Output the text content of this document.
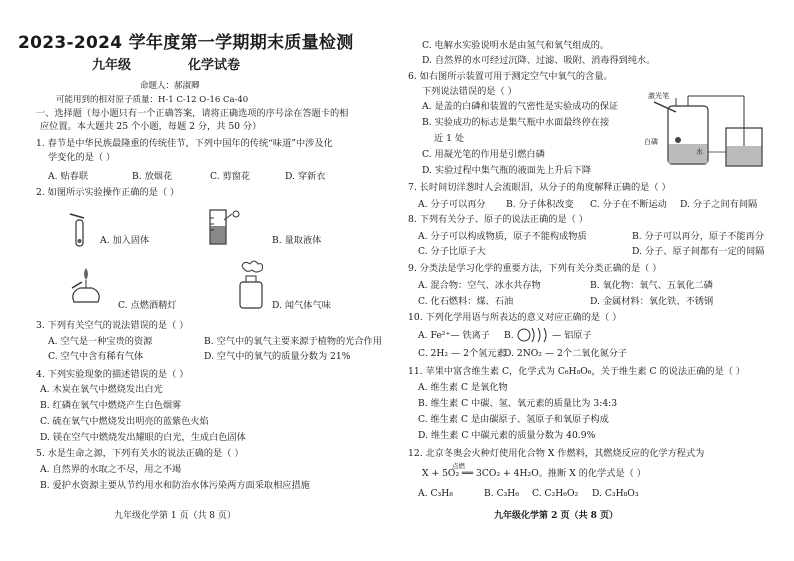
2023-2024 学年度第一学期期末质量检测
九年级	化学试卷
命题人：郝淑卿
可能用到的相对原子质量：H-1 C-12 O-16 Ca-40
一、选择题（每小题只有一个正确答案，请将正确选项的序号涂在答题卡的相
应位置。本大题共 25 个小题，每题 2 分，共 50 分）
1. 春节是中华民族最隆重的传统佳节，下列中国年的传统“味道”中涉及化
学变化的是（ ）
A. 贴春联	B. 放烟花	C. 剪窗花	D. 穿新衣
2. 如图所示实验操作正确的是（ ）
A. 加入固体	B. 量取液体
C. 点燃酒精灯	D. 闻气体气味
3. 下列有关空气的说法错误的是（ ）
A. 空气是一种宝贵的资源	B. 空气中的氧气主要来源于植物的光合作用
C. 空气中含有稀有气体	D. 空气中的氧气的质量分数为 21%
4. 下列实验现象的描述错误的是（ ）
A. 木炭在氧气中燃烧发出白光
B. 红磷在氧气中燃烧产生白色烟雾
C. 硫在氧气中燃烧发出明亮的蓝紫色火焰
D. 镁在空气中燃烧发出耀眼的白光，生成白色固体
5. 水是生命之源，下列有关水的说法正确的是（ ）
A. 自然界的水取之不尽，用之不竭
B. 爱护水资源主要从节约用水和防治水体污染两方面采取相应措施
九年级化学第 1 页（共 8 页）
C. 电解水实验说明水是由氢气和氧气组成的。
D. 自然界的水可经过沉降、过滤、吸附、消毒得到纯水。
6. 如右图所示装置可用于测定空气中氧气的含量。
下列说法错误的是（ ）
A. 是盖的白磷和装置的气密性是实验成功的保证
B. 实验成功的标志是集气瓶中水面最终停在接
近 1 处
C. 用凝光笔的作用是引燃白磷
D. 实验过程中集气瓶的液面先上升后下降
激光笔
白磷
水
7. 长时间切洋葱时人会流眼泪，从分子的角度解释正确的是（ ）
A. 分子可以再分 B. 分子体积改变 C. 分子在不断运动 D. 分子之间有间隔
8. 下列有关分子、原子的说法正确的是（ ）
A. 分子可以构成物质，原子不能构成物质	B. 分子可以再分，原子不能再分
C. 分子比原子大	D. 分子、原子间都有一定的间隔
9. 分类法是学习化学的重要方法，下列有关分类正确的是（ ）
A. 混合物：空气、冰水共存物	B. 氧化物：氧气、五氧化二磷
C. 化石燃料：煤、石油	D. 金属材料：氧化铁、不锈钢
10. 下列化学用语与所表达的意义对应正确的是（ ）
A. Fe²⁺— 铁离子 B.	— 铝原子
C. 2H₂ — 2个氢元素
D. 2NO₂ — 2个二氧化氮分子
11. 苹果中富含维生素 C，化学式为 C₆H₈O₆，关于维生素 C 的说法正确的是（ ）
A. 维生素 C 是氧化物
B. 维生素 C 中碳、氢、氧元素的质量比为 3:4:3
C. 维生素 C 是由碳原子、氢原子和氧原子构成
D. 维生素 C 中碳元素的质量分数为 40.9%
12. 北京冬奥会火种灯使用化合物 X 作燃料，其燃烧反应的化学方程式为
点燃
X + 5O₂ ══ 3CO₂ + 4H₂O。推断 X 的化学式是（ ）
A. C₃H₈	B. C₃H₆ C. C₂H₆O₂ D. C₃H₈O₃
九年级化学第 2 页（共 8 页）
